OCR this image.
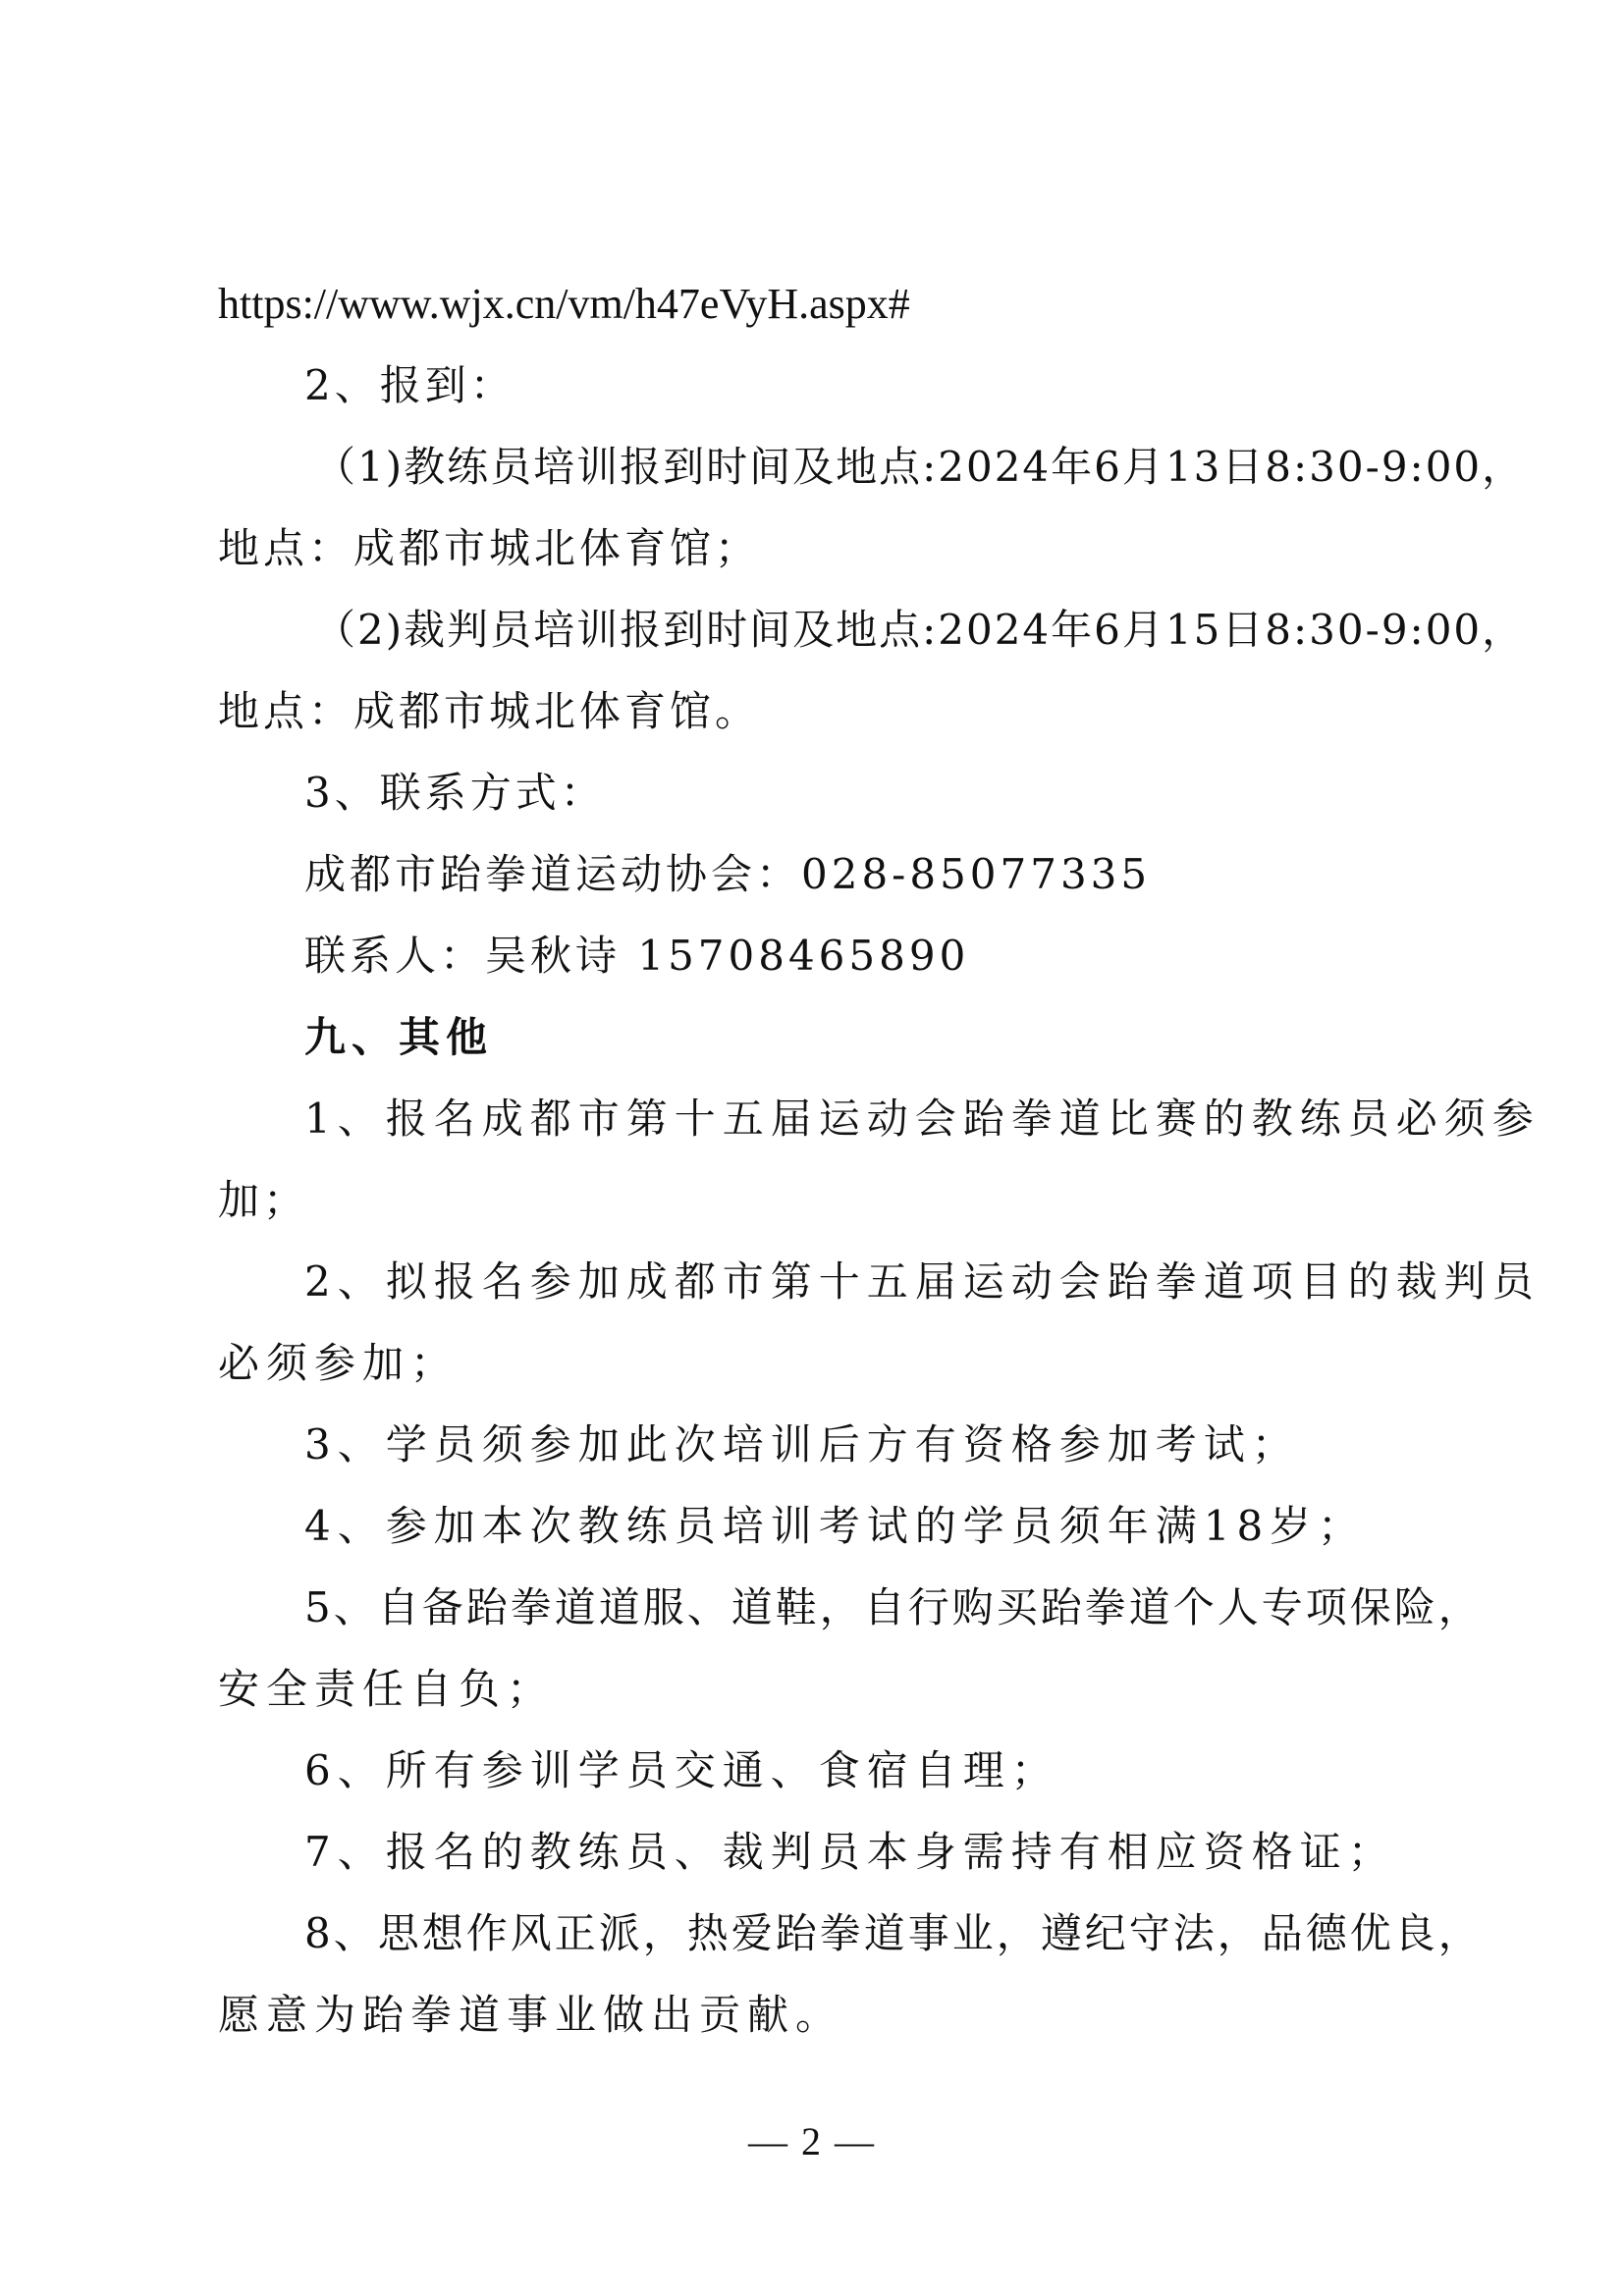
https://www.wjx.cn/vm/h47eVyH.aspx#
2、报到：
（1)教练员培训报到时间及地点:2024年6月13日8:30-9:00，
地点：成都市城北体育馆；
（2)裁判员培训报到时间及地点:2024年6月15日8:30-9:00，
地点：成都市城北体育馆。
3、联系方式：
成都市跆拳道运动协会：028-85077335
联系人：吴秋诗 15708465890
九、其他
1、报名成都市第十五届运动会跆拳道比赛的教练员必须参
加；
2、拟报名参加成都市第十五届运动会跆拳道项目的裁判员
必须参加；
3、学员须参加此次培训后方有资格参加考试；
4、参加本次教练员培训考试的学员须年满18岁；
5、自备跆拳道道服、道鞋，自行购买跆拳道个人专项保险，
安全责任自负；
6、所有参训学员交通、食宿自理；
7、报名的教练员、裁判员本身需持有相应资格证；
8、思想作风正派，热爱跆拳道事业，遵纪守法，品德优良，
愿意为跆拳道事业做出贡献。
— 2 —
